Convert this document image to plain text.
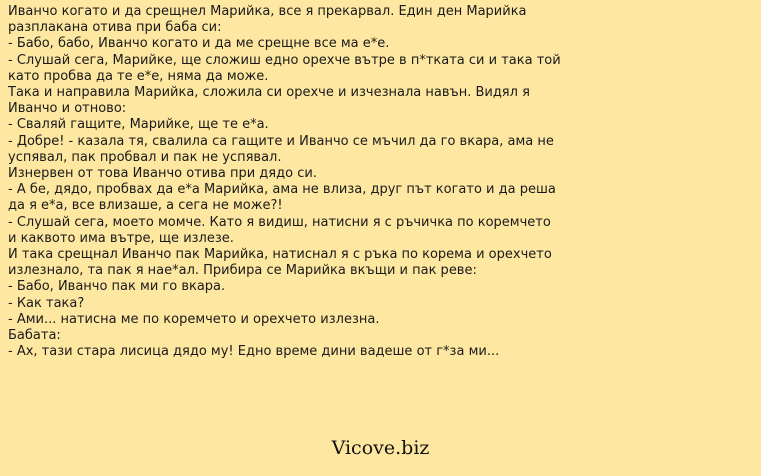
Иванчо когато и да срещнел Марийка, все я прекарвал. Един ден Марийка
разплакана отива при баба си:
- Бабо, бабо, Иванчо когато и да ме срещне все ма е*е.
- Слушай сега, Марийке, ще сложиш едно орехче вътре в п*тката си и така той
като пробва да те е*е, няма да може.
Така и направила Марийка, сложила си орехче и изчезнала навън. Видял я
Иванчо и отново:
- Сваляй гащите, Марийке, ще те е*а.
- Добре! - казала тя, свалила са гащите и Иванчо се мъчил да го вкара, ама не
успявал, пак пробвал и пак не успявал.
Изнервен от това Иванчо отива при дядо си.
- А бе, дядо, пробвах да е*а Марийка, ама не влиза, друг път когато и да реша
да я е*а, все влизаше, а сега не може?!
- Слушай сега, моето момче. Като я видиш, натисни я с ръчичка по коремчето
и каквото има вътре, ще излезе.
И така срещнал Иванчо пак Марийка, натиснал я с ръка по корема и орехчето
излезнало, та пак я нае*ал. Прибира се Марийка вкъщи и пак реве:
- Бабо, Иванчо пак ми го вкара.
- Как така?
- Ами... натисна ме по коремчето и орехчето излезна.
Бабата:
- Ах, тази стара лисица дядо му! Едно време дини вадеше от г*за ми...
Vicove.biz
